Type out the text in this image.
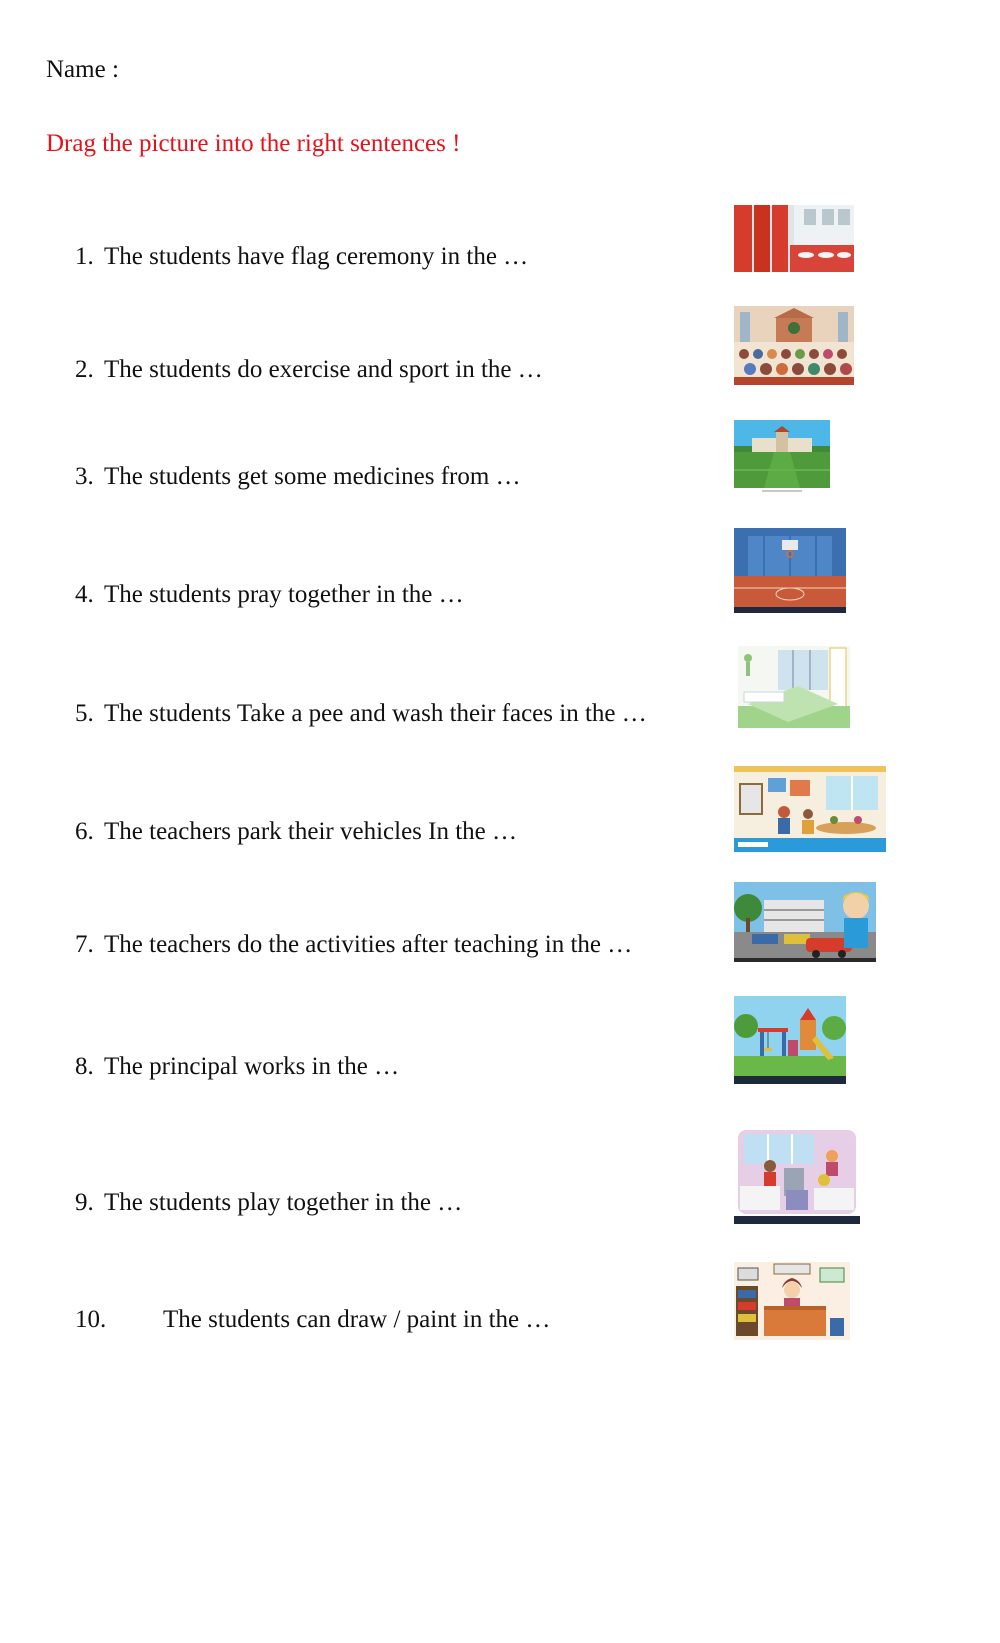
Name :
Drag the picture into the right sentences !
1. The students have flag ceremony in the …
2. The students do exercise and sport in the …
3. The students get some medicines from …
4. The students pray together in the …
5. The students Take a pee and wash their faces in the …
6. The teachers park their vehicles In the …
7. The teachers do the activities after teaching in the …
8. The principal works in the …
9. The students play together in the …
10. The students can draw / paint in the …
